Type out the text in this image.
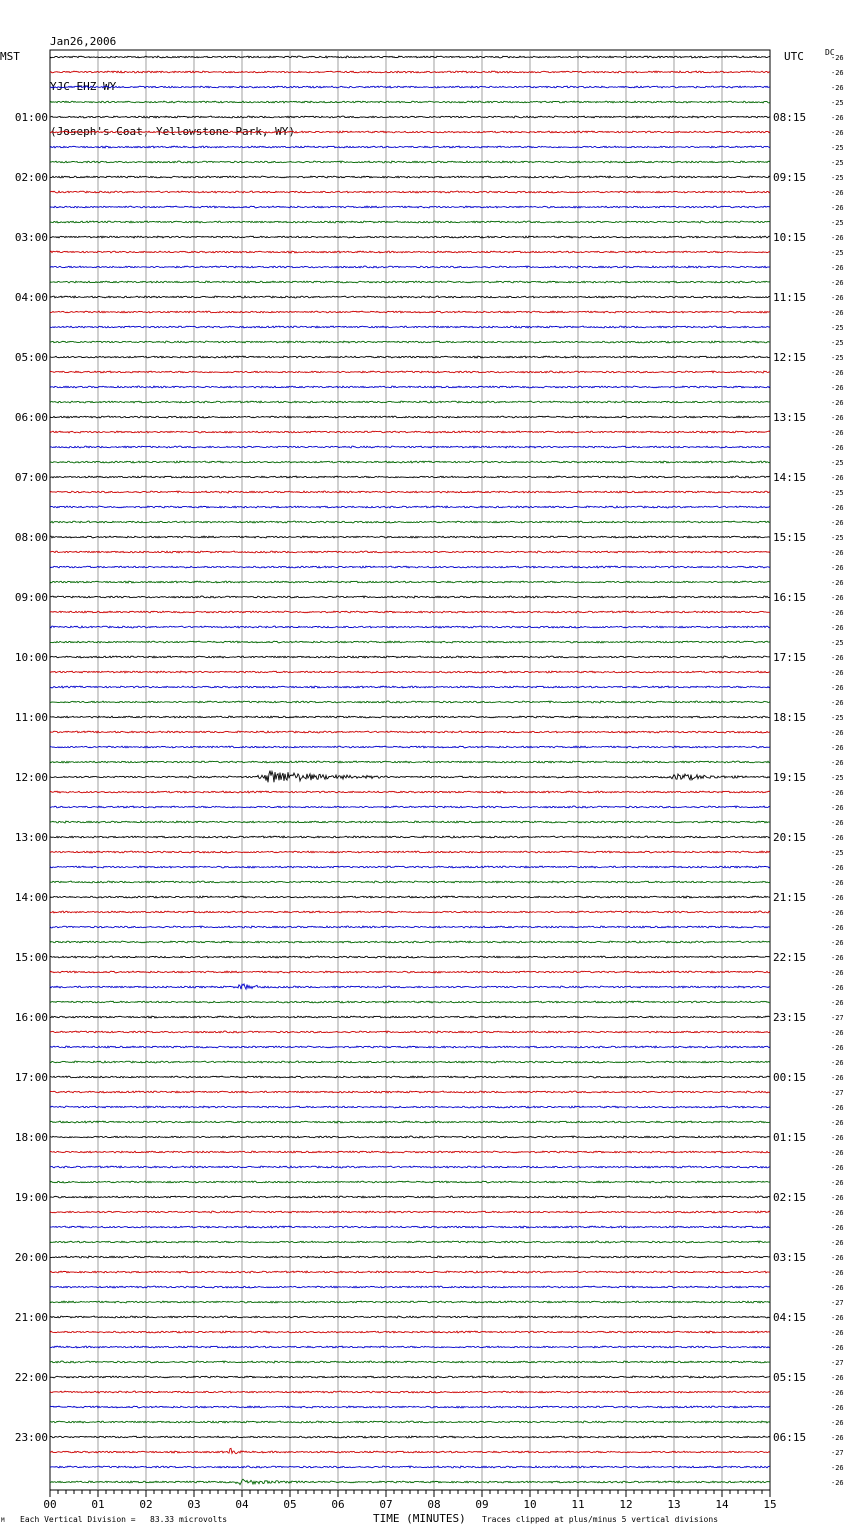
Jan26,2006

YJC EHZ WY

(Joseph's Coat, Yellowstone Park, WY)

MST	UTC	DC
01:00
02:00
03:00
04:00
05:00
06:00
07:00
08:00
09:00
10:00
11:00
12:00
13:00
14:00
15:00
16:00
17:00
18:00
19:00
20:00
21:00
22:00
23:00
08:15
09:15
10:15
11:15
12:15
13:15
14:15
15:15
16:15
17:15
18:15
19:15
20:15
21:15
22:15
23:15
00:15
01:15
02:15
03:15
04:15
05:15
06:15
-26
-26
-26
-25
-26
-26
-25
-25
-25
-26
-26
-25
-26
-25
-26
-26
-26
-26
-25
-25
-25
-26
-26
-26
-26
-26
-26
-25
-26
-25
-26
-26
-25
-26
-26
-26
-26
-26
-26
-25
-26
-26
-26
-26
-25
-26
-26
-26
-25
-26
-26
-26
-26
-25
-26
-26
-26
-26
-26
-26
-26
-26
-26
-26
-27
-26
-26
-26
-26
-27
-26
-26
-26
-26
-26
-26
-26
-26
-26
-26
-26
-26
-26
-27
-26
-26
-26
-27
-26
-26
-26
-26
-26
-27
-26
-26
00	01	02	03	04	05	06	07	08	09	10	11	12	13	14	15
M Each Vertical Division =   83.33 microvolts	TIME (MINUTES) Traces clipped at plus/minus 5 vertical divisions
